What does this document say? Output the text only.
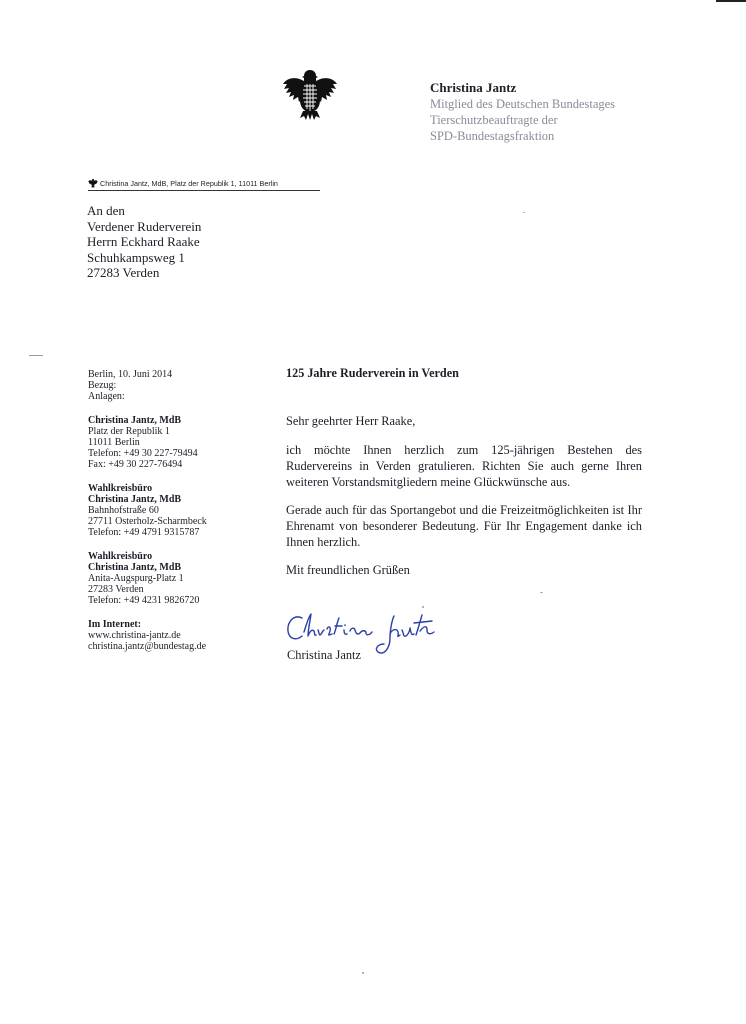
Christina Jantz
Mitglied des Deutschen Bundestages
Tierschutzbeauftragte der
SPD-Bundestagsfraktion
Christina Jantz, MdB, Platz der Republik 1, 11011 Berlin
An den
Verdener Ruderverein
Herrn Eckhard Raake
Schuhkampsweg 1
27283 Verden
Berlin, 10. Juni 2014
Bezug:
Anlagen:
Christina Jantz, MdB
Platz der Republik 1
11011 Berlin
Telefon: +49 30 227-79494
Fax: +49 30 227-76494
Wahlkreisbüro
Christina Jantz, MdB
Bahnhofstraße 60
27711 Osterholz-Scharmbeck
Telefon: +49 4791 9315787
Wahlkreisbüro
Christina Jantz, MdB
Anita-Augspurg-Platz 1
27283 Verden
Telefon: +49 4231 9826720
Im Internet:
www.christina-jantz.de
christina.jantz@bundestag.de
125 Jahre Ruderverein in Verden

Sehr geehrter Herr Raake,

ich möchte Ihnen herzlich zum 125-jährigen Bestehen des Rudervereins in Verden gratulieren. Richten Sie auch gerne Ihren weiteren Vorstandsmitgliedern meine Glückwünsche aus.

Gerade auch für das Sportangebot und die Freizeitmöglichkeiten ist Ihr Ehrenamt von besonderer Bedeutung. Für Ihr Engagement danke ich Ihnen herzlich.

Mit freundlichen Grüßen

Christina Jantz
